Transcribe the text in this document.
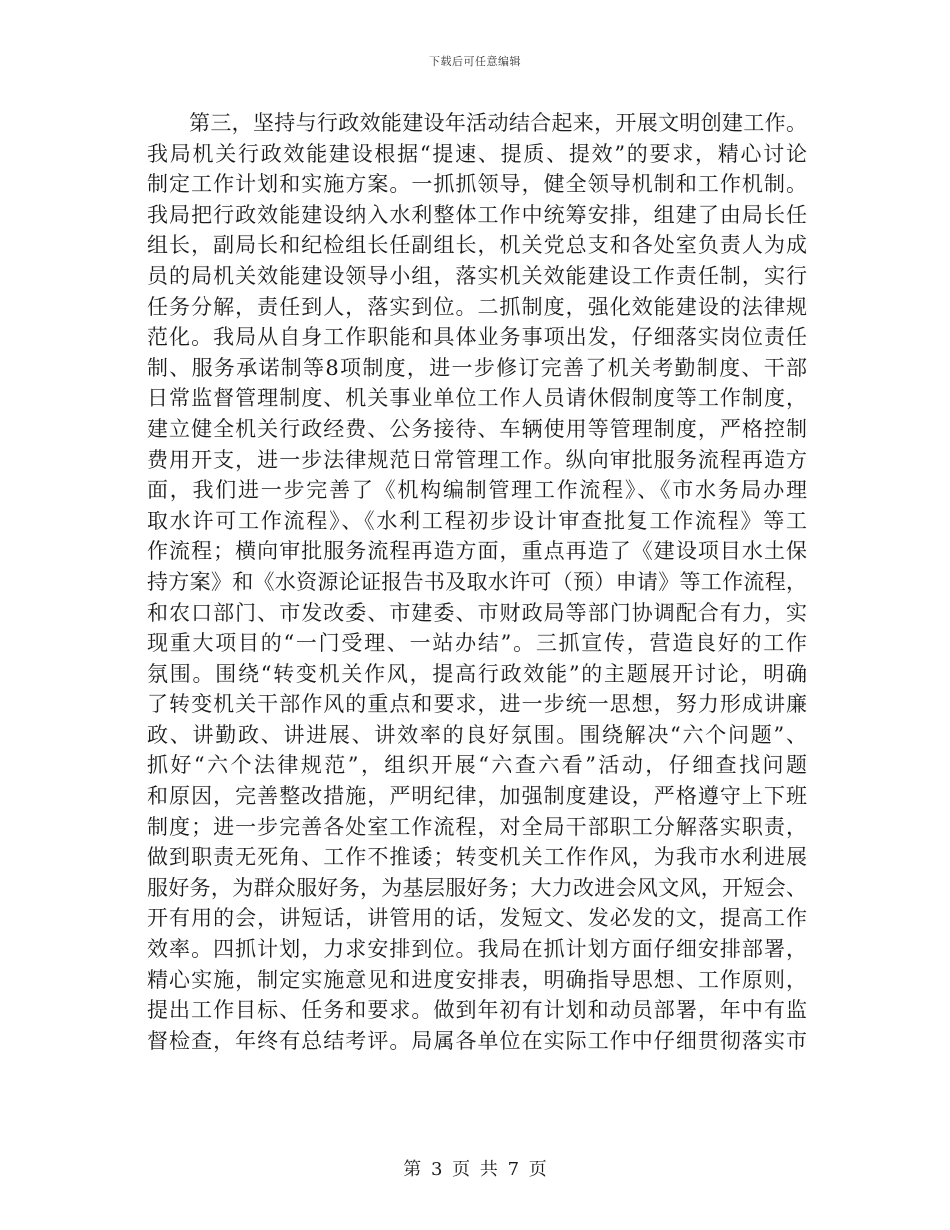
下载后可任意编辑
第三，坚持与行政效能建设年活动结合起来，开展文明创建工作。
我局机关行政效能建设根据“提速、提质、提效”的要求，精心讨论
制定工作计划和实施方案。一抓抓领导，健全领导机制和工作机制。
我局把行政效能建设纳入水利整体工作中统筹安排，组建了由局长任
组长，副局长和纪检组长任副组长，机关党总支和各处室负责人为成
员的局机关效能建设领导小组，落实机关效能建设工作责任制，实行
任务分解，责任到人，落实到位。二抓制度，强化效能建设的法律规
范化。我局从自身工作职能和具体业务事项出发，仔细落实岗位责任
制、服务承诺制等8项制度，进一步修订完善了机关考勤制度、干部
日常监督管理制度、机关事业单位工作人员请休假制度等工作制度，
建立健全机关行政经费、公务接待、车辆使用等管理制度，严格控制
费用开支，进一步法律规范日常管理工作。纵向审批服务流程再造方
面，我们进一步完善了《机构编制管理工作流程》、《市水务局办理
取水许可工作流程》、《水利工程初步设计审查批复工作流程》等工
作流程；横向审批服务流程再造方面，重点再造了《建设项目水土保
持方案》和《水资源论证报告书及取水许可（预）申请》等工作流程，
和农口部门、市发改委、市建委、市财政局等部门协调配合有力，实
现重大项目的“一门受理、一站办结”。三抓宣传，营造良好的工作
氛围。围绕“转变机关作风，提高行政效能”的主题展开讨论，明确
了转变机关干部作风的重点和要求，进一步统一思想，努力形成讲廉
政、讲勤政、讲进展、讲效率的良好氛围。围绕解决“六个问题”、
抓好“六个法律规范”，组织开展“六查六看”活动，仔细查找问题
和原因，完善整改措施，严明纪律，加强制度建设，严格遵守上下班
制度；进一步完善各处室工作流程，对全局干部职工分解落实职责，
做到职责无死角、工作不推诿；转变机关工作作风，为我市水利进展
服好务，为群众服好务，为基层服好务；大力改进会风文风，开短会、
开有用的会，讲短话，讲管用的话，发短文、发必发的文，提高工作
效率。四抓计划，力求安排到位。我局在抓计划方面仔细安排部署，
精心实施，制定实施意见和进度安排表，明确指导思想、工作原则，
提出工作目标、任务和要求。做到年初有计划和动员部署，年中有监
督检查，年终有总结考评。局属各单位在实际工作中仔细贯彻落实市
第 3 页 共 7 页
